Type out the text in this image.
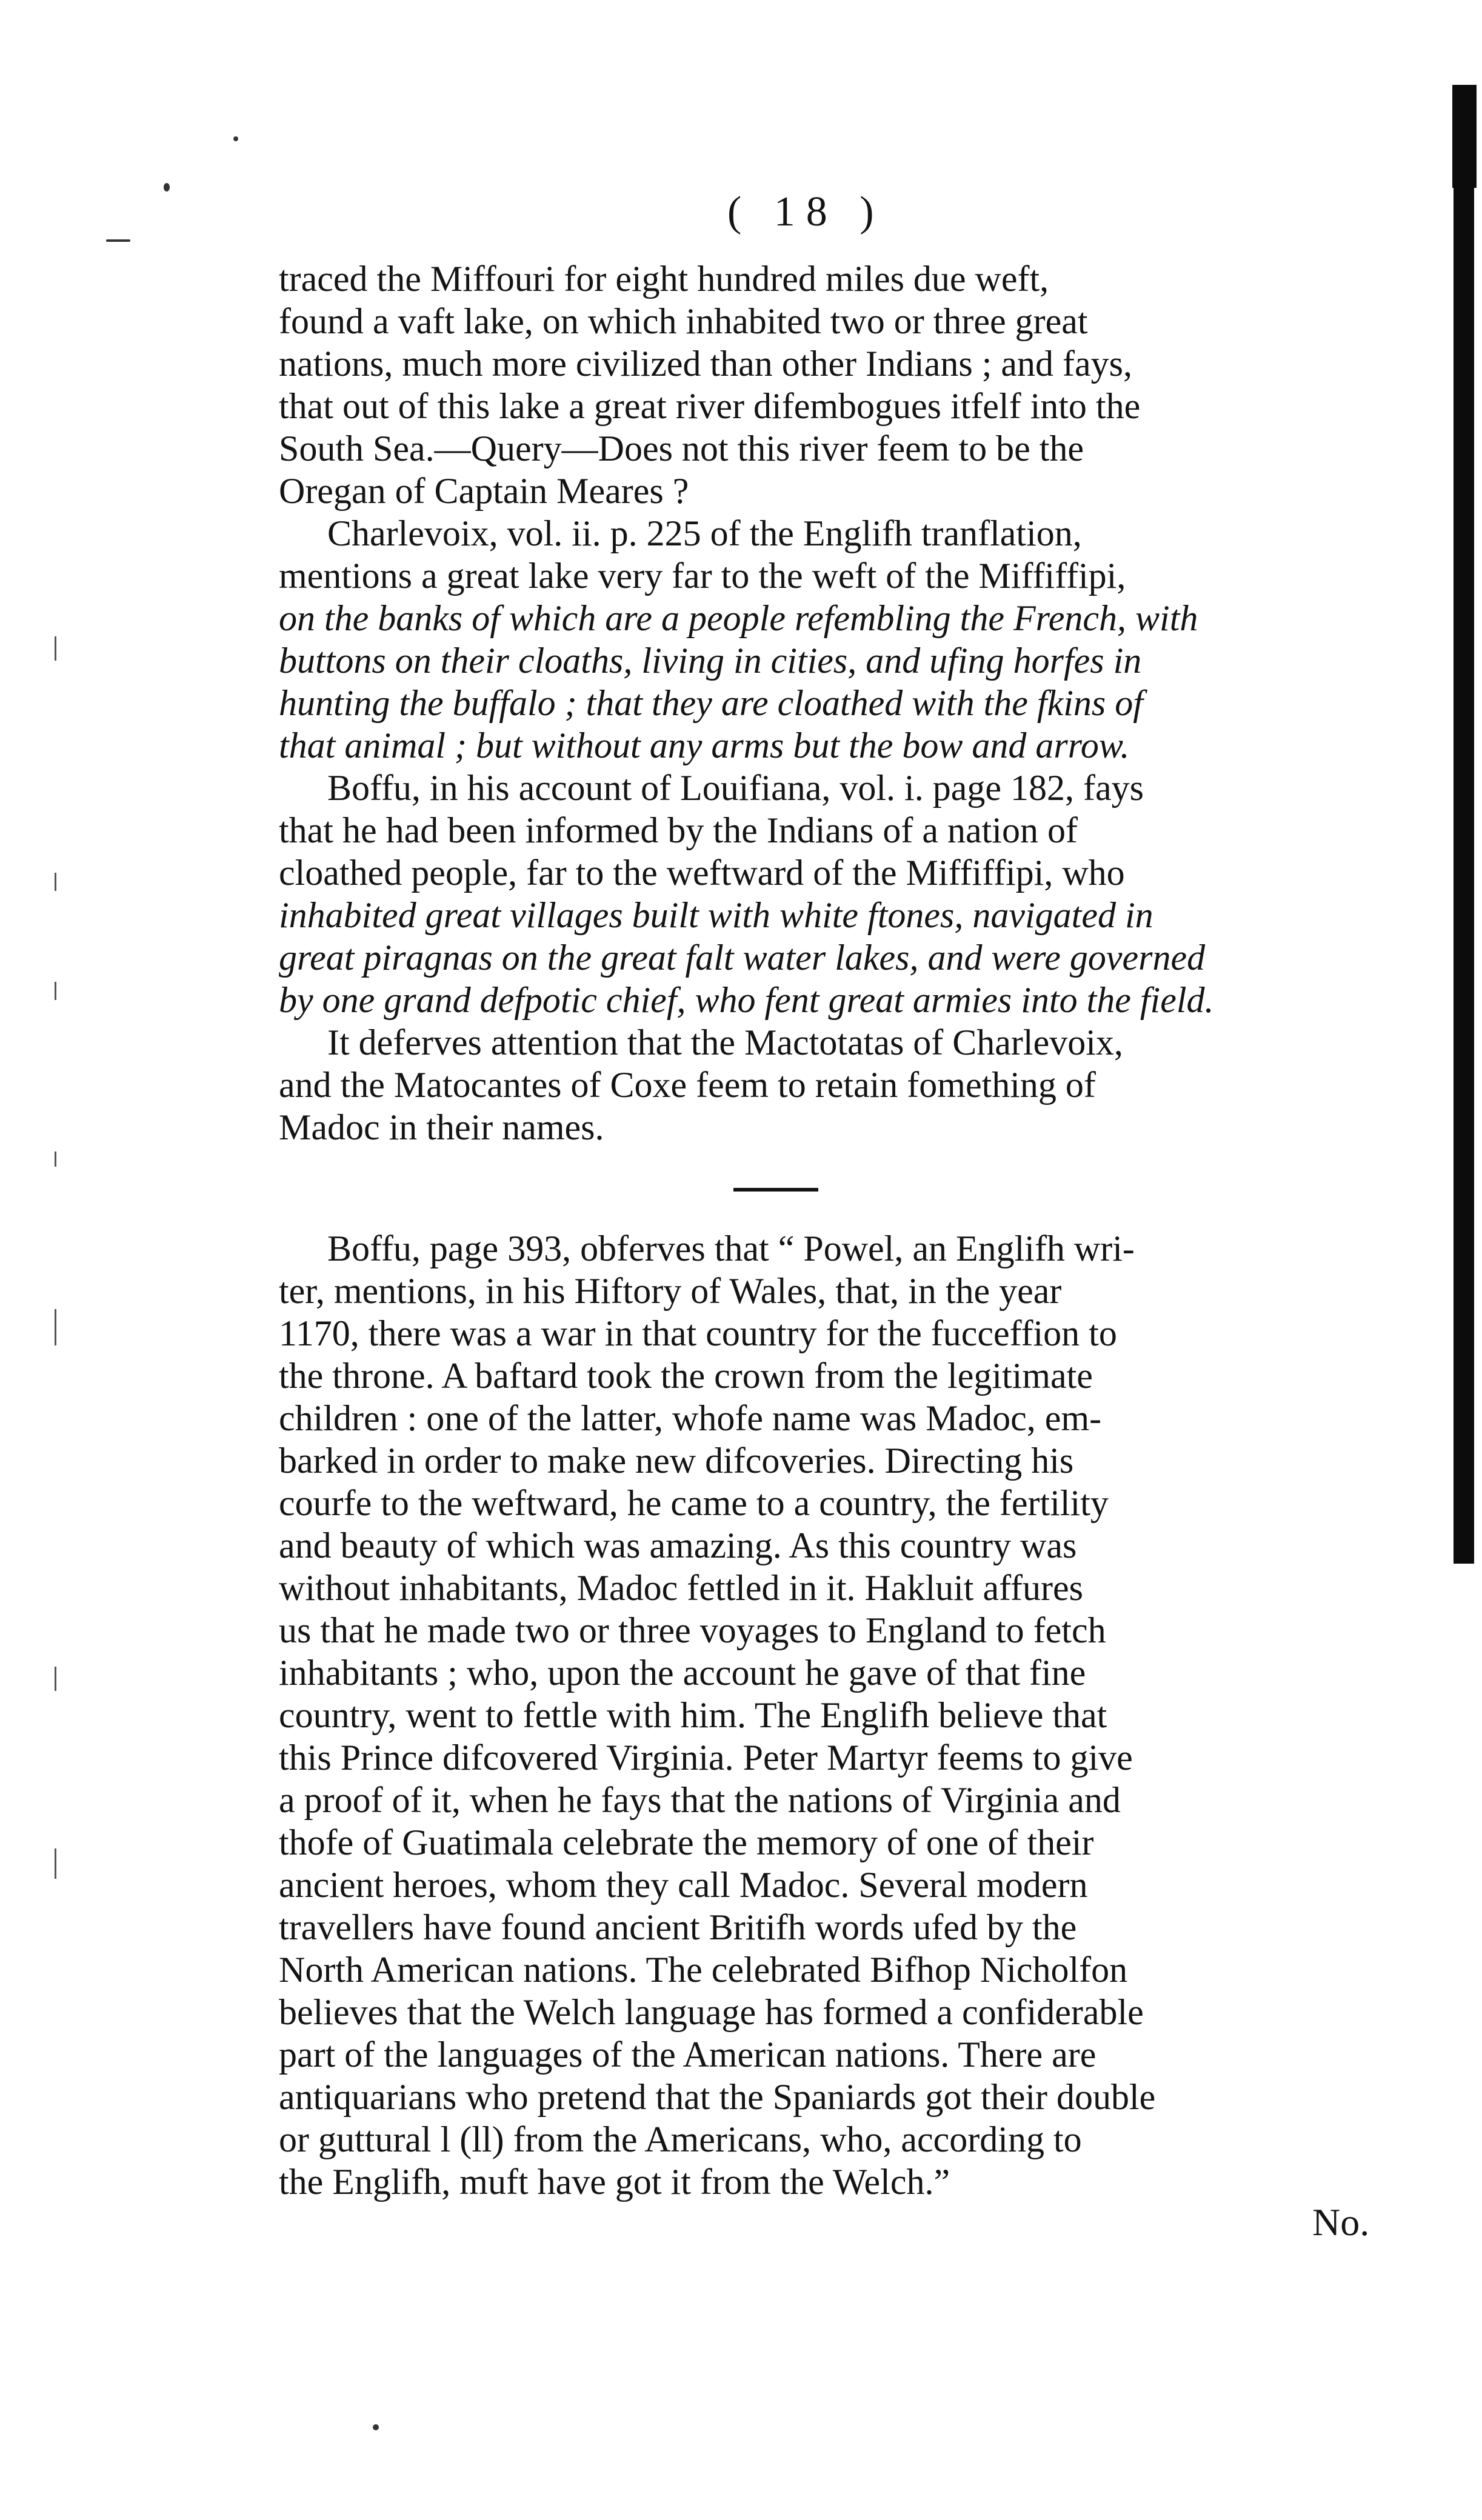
( 18 )
traced the Miffouri for eight hundred miles due weft,
found a vaft lake, on which inhabited two or three great
nations, much more civilized than other Indians ; and fays,
that out of this lake a great river difembogues itfelf into the
South Sea.—Query—Does not this river feem to be the
Oregan of Captain Meares ?
Charlevoix, vol. ii. p. 225 of the Englifh tranflation,
mentions a great lake very far to the weft of the Miffiffipi,
on the banks of which are a people refembling the French, with
buttons on their cloaths, living in cities, and ufing horfes in
hunting the buffalo ; that they are cloathed with the fkins of
that animal ; but without any arms but the bow and arrow.
Boffu, in his account of Louifiana, vol. i. page 182, fays
that he had been informed by the Indians of a nation of
cloathed people, far to the weftward of the Miffiffipi, who
inhabited great villages built with white ftones, navigated in
great piragnas on the great falt water lakes, and were governed
by one grand defpotic chief, who fent great armies into the field.
It deferves attention that the Mactotatas of Charlevoix,
and the Matocantes of Coxe feem to retain fomething of
Madoc in their names.
Boffu, page 393, obferves that “ Powel, an Englifh wri-
ter, mentions, in his Hiftory of Wales, that, in the year
1170, there was a war in that country for the fucceffion to
the throne. A baftard took the crown from the legitimate
children : one of the latter, whofe name was Madoc, em-
barked in order to make new difcoveries. Directing his
courfe to the weftward, he came to a country, the fertility
and beauty of which was amazing. As this country was
without inhabitants, Madoc fettled in it. Hakluit affures
us that he made two or three voyages to England to fetch
inhabitants ; who, upon the account he gave of that fine
country, went to fettle with him. The Englifh believe that
this Prince difcovered Virginia. Peter Martyr feems to give
a proof of it, when he fays that the nations of Virginia and
thofe of Guatimala celebrate the memory of one of their
ancient heroes, whom they call Madoc. Several modern
travellers have found ancient Britifh words ufed by the
North American nations. The celebrated Bifhop Nicholfon
believes that the Welch language has formed a confiderable
part of the languages of the American nations. There are
antiquarians who pretend that the Spaniards got their double
or guttural l (ll) from the Americans, who, according to
the Englifh, muft have got it from the Welch.”
No.
